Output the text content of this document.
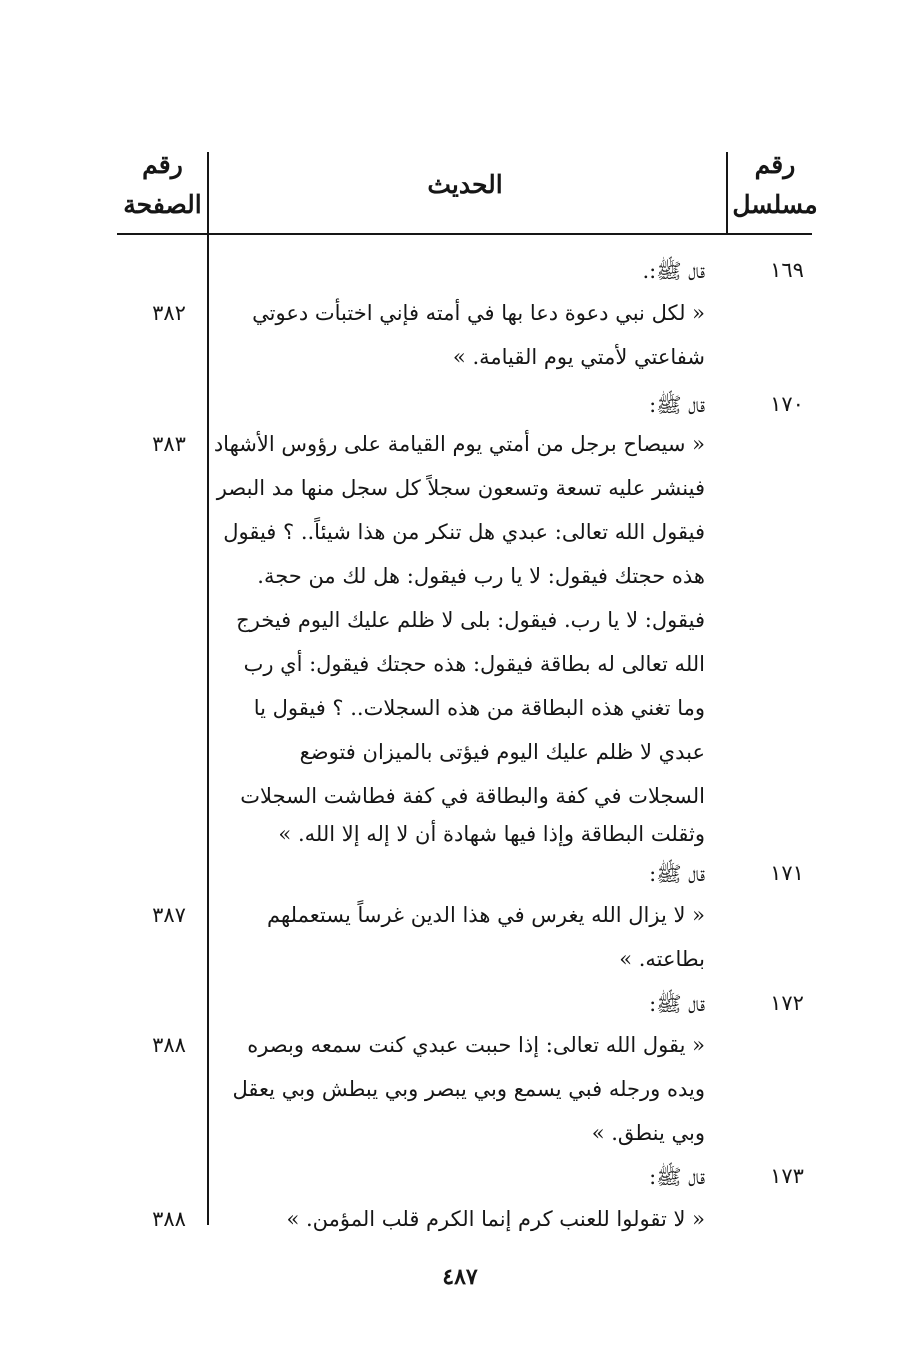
رقم
مسلسل
الحديث
رقم
الصفحة
١٦٩
١٧٠
١٧١
١٧٢
١٧٣
٣٨٢
٣٨٣
٣٨٧
٣٨٨
٣٨٨
قال ﷺ:.
« لكل نبي دعوة دعا بها في أمته فإني اختبأت دعوتي
شفاعتي لأمتي يوم القيامة. »
قال ﷺ:
« سيصاح برجل من أمتي يوم القيامة على رؤوس الأشهاد
فينشر عليه تسعة وتسعون سجلاً كل سجل منها مد البصر
فيقول الله تعالى: عبدي هل تنكر من هذا شيئاً.. ؟ فيقول
هذه حجتك فيقول: لا يا رب فيقول: هل لك من حجة.
فيقول: لا يا رب. فيقول: بلى لا ظلم عليك اليوم فيخرج
الله تعالى له بطاقة فيقول: هذه حجتك فيقول: أي رب
وما تغني هذه البطاقة من هذه السجلات.. ؟ فيقول يا
عبدي لا ظلم عليك اليوم فيؤتى بالميزان فتوضع
السجلات في كفة والبطاقة في كفة فطاشت السجلات
وثقلت البطاقة وإذا فيها شهادة أن لا إله إلا الله. »
قال ﷺ:
« لا يزال الله يغرس في هذا الدين غرساً يستعملهم
بطاعته. »
قال ﷺ:
« يقول الله تعالى: إذا حببت عبدي كنت سمعه وبصره
ويده ورجله فبي يسمع وبي يبصر وبي يبطش وبي يعقل
وبي ينطق. »
قال ﷺ:
« لا تقولوا للعنب كرم إنما الكرم قلب المؤمن. »
٤٨٧
